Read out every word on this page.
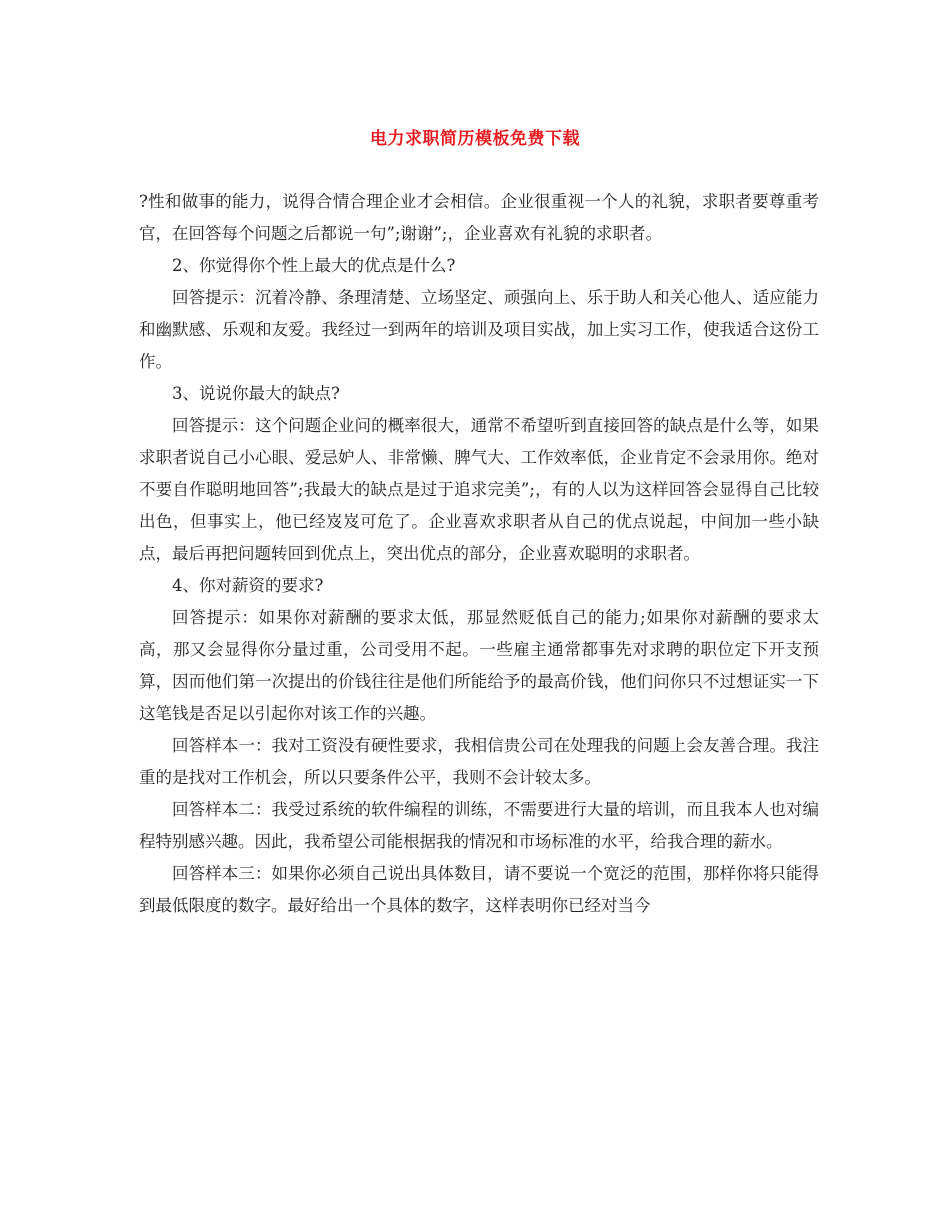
电力求职简历模板免费下载

?性和做事的能力，说得合情合理企业才会相信。企业很重视一个人的礼貌，求职者要尊重考官，在回答每个问题之后都说一句”;谢谢”;，企业喜欢有礼貌的求职者。

2、你觉得你个性上最大的优点是什么?

回答提示：沉着冷静、条理清楚、立场坚定、顽强向上、乐于助人和关心他人、适应能力和幽默感、乐观和友爱。我经过一到两年的培训及项目实战，加上实习工作，使我适合这份工作。

3、说说你最大的缺点?

回答提示：这个问题企业问的概率很大，通常不希望听到直接回答的缺点是什么等，如果求职者说自己小心眼、爱忌妒人、非常懒、脾气大、工作效率低，企业肯定不会录用你。绝对不要自作聪明地回答”;我最大的缺点是过于追求完美”;，有的人以为这样回答会显得自己比较出色，但事实上，他已经岌岌可危了。企业喜欢求职者从自己的优点说起，中间加一些小缺点，最后再把问题转回到优点上，突出优点的部分，企业喜欢聪明的求职者。

4、你对薪资的要求?

回答提示：如果你对薪酬的要求太低，那显然贬低自己的能力;如果你对薪酬的要求太高，那又会显得你分量过重，公司受用不起。一些雇主通常都事先对求聘的职位定下开支预算，因而他们第一次提出的价钱往往是他们所能给予的最高价钱，他们问你只不过想证实一下这笔钱是否足以引起你对该工作的兴趣。

回答样本一：我对工资没有硬性要求，我相信贵公司在处理我的问题上会友善合理。我注重的是找对工作机会，所以只要条件公平，我则不会计较太多。

回答样本二：我受过系统的软件编程的训练，不需要进行大量的培训，而且我本人也对编程特别感兴趣。因此，我希望公司能根据我的情况和市场标准的水平，给我合理的薪水。

回答样本三：如果你必须自己说出具体数目，请不要说一个宽泛的范围，那样你将只能得到最低限度的数字。最好给出一个具体的数字，这样表明你已经对当今
